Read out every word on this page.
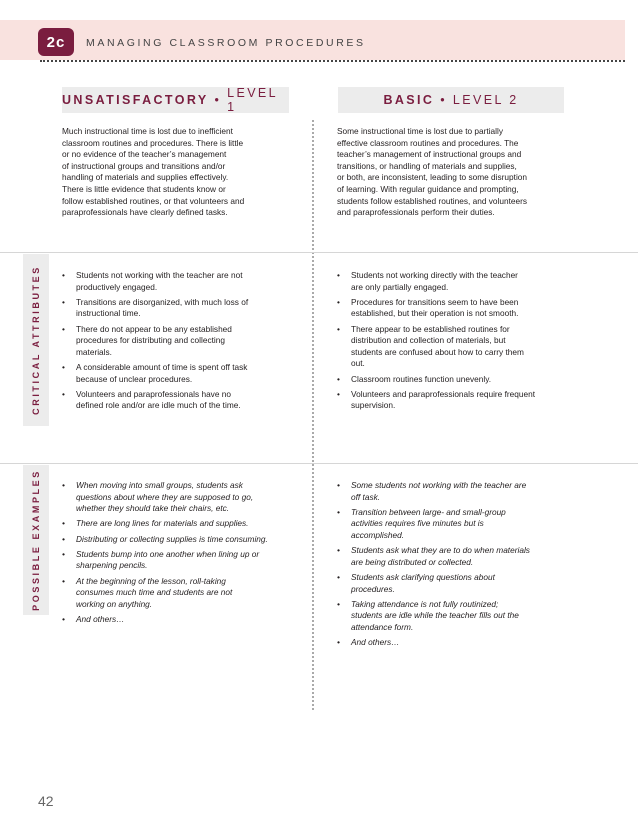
2c	MANAGING CLASSROOM PROCEDURES
UNSATISFACTORY
•
LEVEL 1	BASIC
•
LEVEL 2
Much instructional time is lost due to inefficient
classroom routines and procedures. There is little
or no evidence of the teacher’s management
of instructional groups and transitions and/or
handling of materials and supplies effectively.
There is little evidence that students know or
follow established routines, or that volunteers and
paraprofessionals have clearly defined tasks.
Some instructional time is lost due to partially
effective classroom routines and procedures. The
teacher’s management of instructional groups and
transitions, or handling of materials and supplies,
or both, are inconsistent, leading to some disruption
of learning. With regular guidance and prompting,
students follow established routines, and volunteers
and paraprofessionals perform their duties.
CRITICAL ATTRIBUTES
POSSIBLE EXAMPLES
• Students not working with the teacher are not
productively engaged.
• Transitions are disorganized, with much loss of
instructional time.
• There do not appear to be any established
procedures for distributing and collecting
materials.
• A considerable amount of time is spent off task
because of unclear procedures.
• Volunteers and paraprofessionals have no
defined role and/or are idle much of the time.
• Students not working directly with the teacher
are only partially engaged.
• Procedures for transitions seem to have been
established, but their operation is not smooth.
• There appear to be established routines for
distribution and collection of materials, but
students are confused about how to carry them
out.
• Classroom routines function unevenly.
• Volunteers and paraprofessionals require frequent
supervision.
• When moving into small groups, students ask
questions about where they are supposed to go,
whether they should take their chairs, etc.
• There are long lines for materials and supplies.
• Distributing or collecting supplies is time consuming.
• Students bump into one another when lining up or
sharpening pencils.
• At the beginning of the lesson, roll-taking
consumes much time and students are not
working on anything.
• And others…
• Some students not working with the teacher are
off task.
• Transition between large- and small-group
activities requires five minutes but is
accomplished.
• Students ask what they are to do when materials
are being distributed or collected.
• Students ask clarifying questions about
procedures.
• Taking attendance is not fully routinized;
students are idle while the teacher fills out the
attendance form.
• And others…
42
